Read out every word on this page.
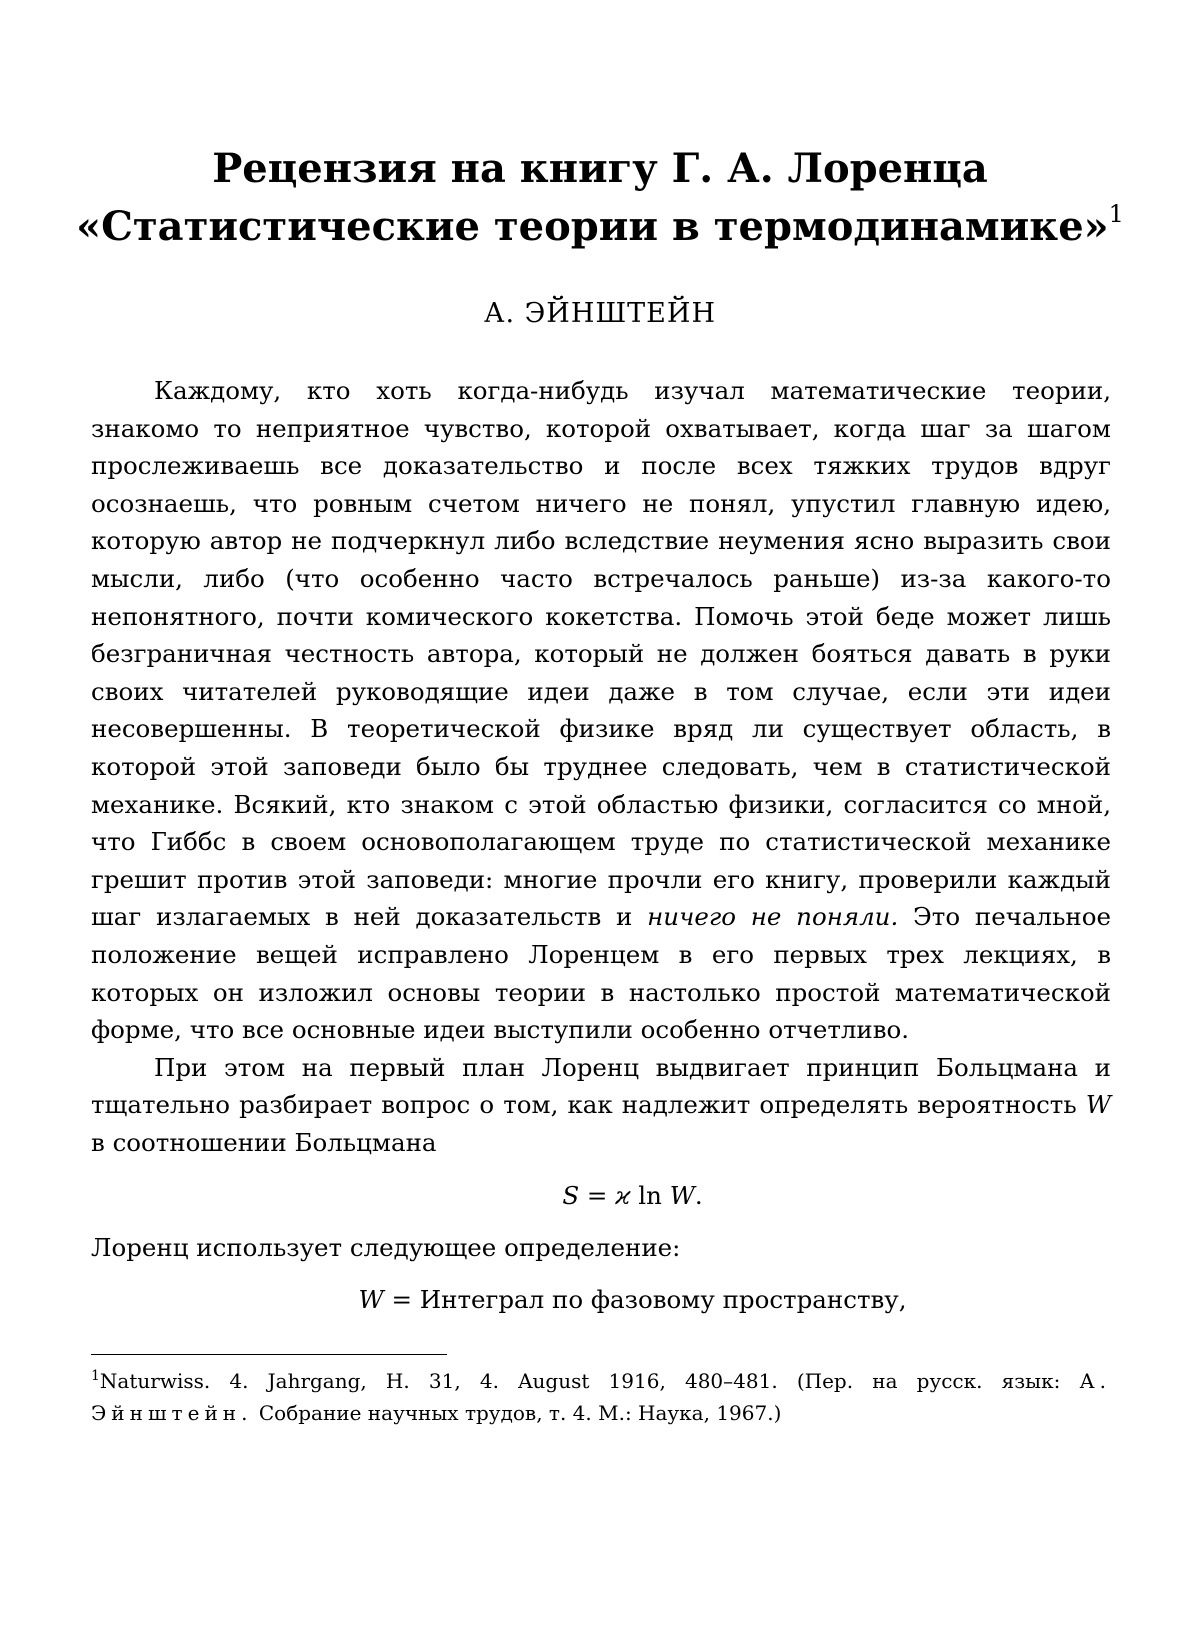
Рецензия на книгу Г. А. Лоренца
«Статистические теории в термодинамике»$^1$
А. ЭЙНШТЕЙН

Каждому, кто хоть когда-нибудь изучал математические теории, знакомо то неприятное чувство, которой охватывает, когда шаг за шагом прослеживаешь все доказательство и после всех тяжких трудов вдруг осознаешь, что ровным счетом ничего не понял, упустил главную идею, которую автор не подчеркнул либо вследствие неумения ясно выразить свои мысли, либо (что особенно часто встречалось раньше) из-за какого-то непонятного, почти комического кокетства. Помочь этой беде может лишь безграничная честность автора, который не должен бояться давать в руки своих читателей руководящие идеи даже в том случае, если эти идеи несовершенны. В теоретической физике вряд ли существует область, в которой этой заповеди было бы труднее следовать, чем в статистической механике. Всякий, кто знаком с этой областью физики, согласится со мной, что Гиббс в своем основополагающем труде по статистической механике грешит против этой заповеди: многие прочли его книгу, проверили каждый шаг излагаемых в ней доказательств и ничего не поняли. Это печальное положение вещей исправлено Лоренцем в его первых трех лекциях, в которых он изложил основы теории в настолько простой математической форме, что все основные идеи выступили особенно отчетливо.

При этом на первый план Лоренц выдвигает принцип Больцмана и тщательно разбирает вопрос о том, как надлежит определять вероятность W в соотношении Больцмана

S = ϰ ln W.

Лоренц использует следующее определение:

W = Интеграл по фазовому пространству,

$^1$Naturwiss. 4. Jahrgang, H. 31, 4. August 1916, 480–481. (Пер. на русск. язык: А. Эйнштейн. Собрание научных трудов, т. 4. М.: Наука, 1967.)
